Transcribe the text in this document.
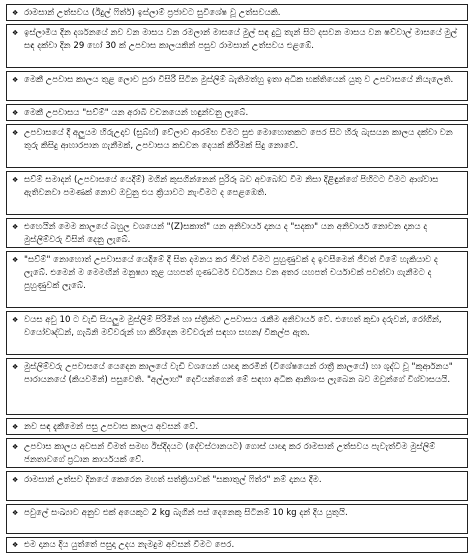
❖ රාමසාන් උත්සවය (ඊදුල් ෆිත්ර්) ඉස්ලාම් ප්‍රජාවට සුවිශේෂ වූ උත්සවයකි.
❖ ඉස්ලාමීය දින දර්ශනයේ නව වන මාසය වන රමලාන් මාසයේ මුල් සඳ දුටු තැන් සිට දසවන මාසය වන ෂව්වාල් මාසයේ මුල් සඳ දක්වා දින 29 හෝ 30 ක් උපවාස කාලයකින් පසුව රාමසාන් උත්සවය එළඹේ.
❖ මෙකී උපවාස කාලය තුළ ලොව පුරා විසිරී සිටින මුස්ලිම් බැතිමත්හු ඉතා අධික භක්තියෙන් යුතු ව උපවාසයේ නියැලෙති.
❖ මෙකී උපවාසය "සව්ම්" යන අරාබි වචනයෙන් හඳුන්වනු ලැබේ.
❖ උපවාසයේ දී අලුයම හිරුඋදාව (සුබ්හ්) වේලාව ආරම්භ වීමට සුළු මොහොතකට පෙර සිට හිරු බැසයන කාලය දක්වා වන තුරු කිසිදු ආහාරපාන ගැනීමක්, උපවාසය කඩවන දෙයක් කිරීමක් සිදු නොවේ.
❖ සව්ම් සමාදන් (උපවාසයේ යෙදීම්) මගින් කුසගින්නෙන් පුරිරූ බව අවබෝධ වීම නිසා දිළිඳුන්ගේ පිහිටට වීමට ආශ්වාස ඇතිවනවා පමණක් නොව ඔවුනු එය ක්‍රියාවට නැංවීමට ද පෙළඹෙති.
❖ එහෙයින් මෙම කාලයේ බහුල වශයෙන් "(Z)සකාත්" යන අනිවාර්ය දානය ද "සදකා" යන අනිවාර්ය නොවන දානය ද මුස්ලිම්වරු විසින් දෙනු ලැබේ.
❖ "සව්ම්" නොහොත් උපවාසයේ යෙදීමේ දී සිත දමනය කර ජීවත් වීමට පුහුණුවක් ද ඉවසීමෙන් ජීවත් වීමේ හැකියාව ද ලැබේ. එමෙන් ම මෙමඟින් මනුෂ්‍යා තුළ යහපත් ගුණධර්ම වර්ධනය වන අතර යහපත් චර්යාවක් පවත්වා ගැනීමට ද පුහුණුවක් ලැබේ.
❖ වයස අවු 10 ට වැඩි සියලුම මුස්ලිම් පිරිමින් හා ස්ත්‍රීන්ට උපවාසය රැකීම අනිවාර්ය වේ. එහෙත් කුඩා දරුවන්, රෝගීන්, වයෝවෘද්ධන්, ගැබිනි මව්වරුන් හා කිරිදෙන මව්වරුන් සඳහා සහන/ විකල්ප ඇත.
❖ මුස්ලිම්වරු උපවාසයේ යෙදෙන කාලයේ වැඩි වශයෙන් යාඥා කරමින් (විශේෂයෙන් රාත්‍රී කාලයේ) හා ශුද්ධ වූ "කුර්ආනය" පාරායනයේ (කියවමින්) පසුවෙති. "අල්ලාහ්" දෙවියන්ගෙන් මේ සඳහා අධික ආනිශංස ලැබෙන බව ඔවුන්ගේ විශ්වාසයයි.
❖ නව සඳ දැකීමෙන් පසු උපවාස කාලය අවසන් වේ.
❖ උපවාස කාලය අවසන් වීමත් සමඟ ඊස්දිදයට (දේවස්ථානයට) ගොස් යාඥා කර රාමසාන් උත්සවය පැවැත්වීම මුස්ලිම් ජනතාවගේ ප්‍රධාන කාර්යයක් වේ.
❖ රාමසාන් උත්සව දිනයේ කෙරෙන මහත් සත්ක්‍රියාවක් "සකාතුල් ෆිත්ර" නම් දානය දීම.
❖ පවුලේ සංඛ්‍යාව අනුව එක් අයෙකුට 2 kg බැගින් පස් දෙනෙකු සිටිනම් 10 kg දන් දිය යුතුයි.
❖ එම දානය දිය යුත්තේ පසුදා උදය නැමදුම අවසන් වීමට පෙර.
